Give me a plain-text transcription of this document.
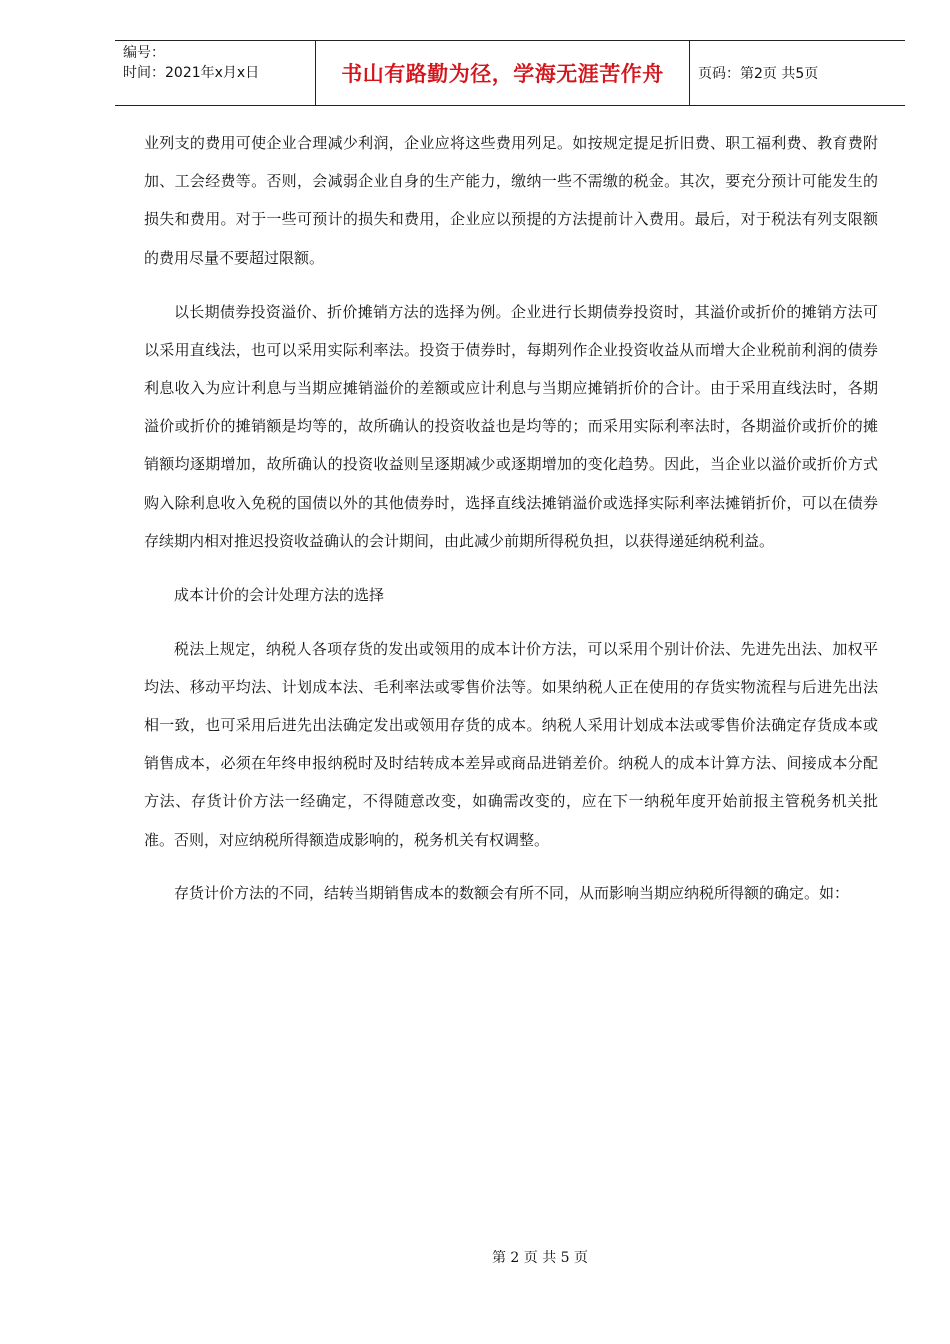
编号：
时间：2021年x月x日	书山有路勤为径，学海无涯苦作舟 页码：第2页 共5页

业列支的费用可使企业合理减少利润，企业应将这些费用列足。如按规定提足折旧费、职工福利费、教育费附加、工会经费等。否则，会减弱企业自身的生产能力，缴纳一些不需缴的税金。其次，要充分预计可能发生的损失和费用。对于一些可预计的损失和费用，企业应以预提的方法提前计入费用。最后，对于税法有列支限额的费用尽量不要超过限额。

以长期债券投资溢价、折价摊销方法的选择为例。企业进行长期债券投资时，其溢价或折价的摊销方法可以采用直线法，也可以采用实际利率法。投资于债券时，每期列作企业投资收益从而增大企业税前利润的债券利息收入为应计利息与当期应摊销溢价的差额或应计利息与当期应摊销折价的合计。由于采用直线法时，各期溢价或折价的摊销额是均等的，故所确认的投资收益也是均等的；而采用实际利率法时，各期溢价或折价的摊销额均逐期增加，故所确认的投资收益则呈逐期减少或逐期增加的变化趋势。因此，当企业以溢价或折价方式购入除利息收入免税的国债以外的其他债券时，选择直线法摊销溢价或选择实际利率法摊销折价，可以在债券存续期内相对推迟投资收益确认的会计期间，由此减少前期所得税负担，以获得递延纳税利益。

成本计价的会计处理方法的选择

税法上规定，纳税人各项存货的发出或领用的成本计价方法，可以采用个别计价法、先进先出法、加权平均法、移动平均法、计划成本法、毛利率法或零售价法等。如果纳税人正在使用的存货实物流程与后进先出法相一致，也可采用后进先出法确定发出或领用存货的成本。纳税人采用计划成本法或零售价法确定存货成本或销售成本，必须在年终申报纳税时及时结转成本差异或商品进销差价。纳税人的成本计算方法、间接成本分配方法、存货计价方法一经确定，不得随意改变，如确需改变的，应在下一纳税年度开始前报主管税务机关批准。否则，对应纳税所得额造成影响的，税务机关有权调整。

存货计价方法的不同，结转当期销售成本的数额会有所不同，从而影响当期应纳税所得额的确定。如：

第 2 页 共 5 页
